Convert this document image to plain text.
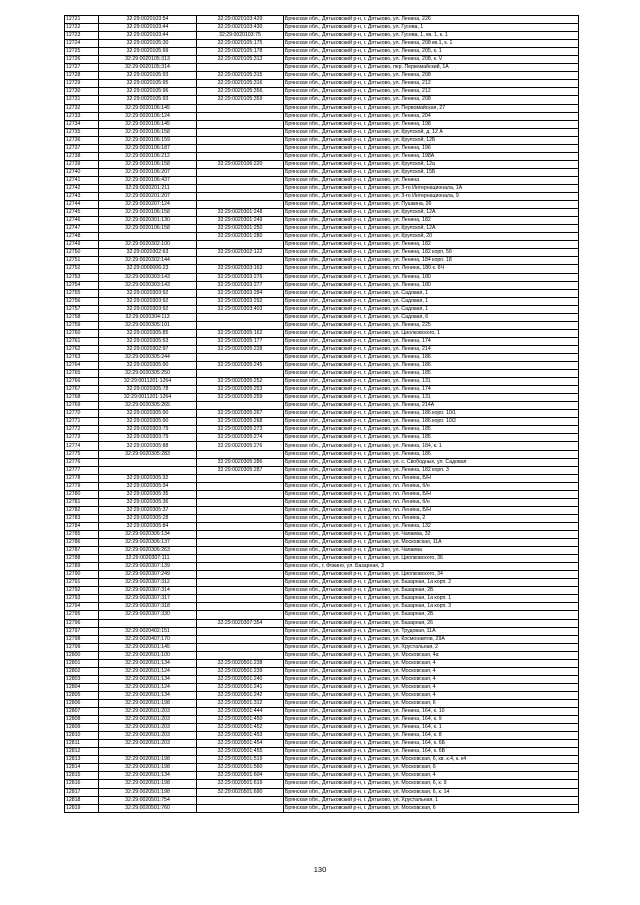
12721	32:29:0020103:54	32:29:0020103:429	Брянская обл., Дятьковский р-н, г. Дятьково, ул. Ленина, 226
12722	32:29:0020103:44	32:29:0020103:430	Брянская обл., Дятьковский р-н, г. Дятьково, ул. Гусева, 1
12723	32:29:0020103:44	32:29:0020103:75	Брянская обл., Дятьковский р-н, г. Дятьково, ул. Гусева, 1, кв. 1, к. 1
12724	32:29:0020105:30	32:29:0020105:175	Брянская обл., Дятьковский р-н, г. Дятьково, ул. Ленина, 208 кв.1, к. 1
12725	32:29:0020105:99	32:29:0020105:178	Брянская обл., Дятьковский р-н, г. Дятьково, ул. Ленина, 205, к. 1
12726	32:29:0020105:313	32:29:0020105:313	Брянская обл., Дятьковский р-н, г. Дятьково, ул. Ленина, 208, к. V
12727	32:29:0020105:314		Брянская обл., Дятьковский р-н, г. Дятьково, пер. Первомайский, 1А
12728	32:29:0020105:93	32:29:0020105:315	Брянская обл., Дятьковский р-н, г. Дятьково, ул. Ленина, 208
12729	32:29:0020105:95	32:29:0020105:316	Брянская обл., Дятьковский р-н, г. Дятьково, ул. Ленина, 212
12730	32:29:0020105:96	32:29:0020105:356	Брянская обл., Дятьковский р-н, г. Дятьково, ул. Ленина, 212
12731	32:29:0020105:93	32:29:0020105:359	Брянская обл., Дятьковский р-н, г. Дятьково, ул. Ленина, 208
12732	32:29:0020106:145		Брянская обл., Дятьковский р-н, г. Дятьково, ул. Первомайская, 27
12733	32:29:0020106:124		Брянская обл., Дятьковский р-н, г. Дятьково, ул. Ленина, 204
12734	32:29:0020106:145		Брянская обл., Дятьковский р-н, г. Дятьково, ул. Ленина, 198
12735	32:29:0020106:158		Брянская обл., Дятьковский р-н, г. Дятьково, ул. Крупской, д. 12 А
12736	32:29:0020106:159		Брянская обл., Дятьковский р-н, г. Дятьково, ул. Крупской, 12Б
12737	32:29:0020106:187		Брянская обл., Дятьковский р-н, г. Дятьково, ул. Ленина, 196
12738	32:29:0020106:212		Брянская обл., Дятьковский р-н, г. Дятьково, ул. Ленина, 198А
12739	32:29:0020106:158	32:29:0020106:220	Брянская обл., Дятьковский р-н, г. Дятьково, ул. Крупской, 12а
12740	32:29:0020106:207		Брянская обл., Дятьковский р-н, г. Дятьково, ул. Крупской, 15Б
12741	32:29:0020106:437		Брянская обл., Дятьковский р-н, г. Дятьково, ул. Ленина
12742	32:29:0020201:211		Брянская обл., Дятьковский р-н, г. Дятьково, ул. 3-го Интернационала, 1А
12743	32:29:0020201:207		Брянская обл., Дятьковский р-н, г. Дятьково, ул. 3-го Интернационала, 9
12744	32:29:0020207:124		Брянская обл., Дятьковский р-н, г. Дятьково, ул. Пушкина, 26
12745	32:29:0020106:158	32:29:0020301:248	Брянская обл., Дятьковский р-н, г. Дятьково, ул. Крупской, 12А
12746	32:29:0020301:130	32:29:0020301:249	Брянская обл., Дятьковский р-н, г. Дятьково, ул. Ленина, 182
12747	32:29:0020106:158	32:29:0020301:250	Брянская обл., Дятьковский р-н, г. Дятьково, ул. Крупской, 12А
12748		32:29:0020301:280	Брянская обл., Дятьковский р-н, г. Дятьково, ул. Крупской, 20
12749	32:29:0020302:100		Брянская обл., Дятьковский р-н, г. Дятьково, ул. Ленина, 182
12750	32:29:0020302:63	32:29:0020302:122	Брянская обл., Дятьковский р-н, г. Дятьково, ул. Ленина, 182 корп. 5б
12751	32:29:0020302:144		Брянская обл., Дятьковский р-н, г. Дятьково, ул. Ленина, 184 корп. 18
12752	32:29:0000006:23	32:29:0020303:163	Брянская обл., Дятьковский р-н, г. Дятьково, пл. Ленина, 180 к. 6Ч
12753	32:29:0020303:143	32:29:0020303:276	Брянская обл., Дятьковский р-н, г. Дятьково, ул. Ленина, 180
12754	32:29:0020303:143	32:29:0020303:277	Брянская обл., Дятьковский р-н, г. Дятьково, ул. Ленина, 180
12755	32:29:0020303:92	32:29:0020303:284	Брянская обл., Дятьковский р-н, г. Дятьково, ул. Садовая, 1
12756	32:29:0020303:92	32:29:0020303:292	Брянская обл., Дятьковский р-н, г. Дятьково, ул. Садовая, 1
12757	32:29:0020303:92	32:29:0020303:403	Брянская обл., Дятьковский р-н, г. Дятьково, ул. Садовая, 1
12758	32:29:0020304:113		Брянская обл., Дятьковский р-н, г. Дятьково, ул. Садовая, 6
12759	32:29:0020305:101		Брянская обл., Дятьковский р-н, г. Дятьково, ул. Ленина, 225
12760	32:29:0020305:85	32:29:0020305:162	Брянская обл., Дятьковский р-н, г. Дятьково, ул. Циолковского, 1
12761	32:29:0020305:53	32:29:0020305:177	Брянская обл., Дятьковский р-н, г. Дятьково, ул. Ленина, 174
12762	32:29:0020302:97	32:29:0020305:228	Брянская обл., Дятьковский р-н, г. Дятьково, ул. Ленина, 214
12763	32:29:0020305:244		Брянская обл., Дятьковский р-н, г. Дятьково, ул. Ленина, 186
12764	32:29:0020305:90	32:29:0020305:245	Брянская обл., Дятьковский р-н, г. Дятьково, ул. Ленина, 186
12765	32:29:0020305:250		Брянская обл., Дятьковский р-н, г. Дятьково, ул. Ленина, 185
12766	32:29:0011201:1264	32:29:0020305:252	Брянская обл., Дятьковский р-н, г. Дятьково, ул. Ленина, 131
12767	32:29:0020305:78	32:29:0020305:253	Брянская обл., Дятьковский р-н, г. Дятьково, ул. Ленина, 174
12768	32:29:0011201:1264	32:29:0020305:259	Брянская обл., Дятьковский р-н, г. Дятьково, ул. Ленина, 131
12769	32:29:0020305:265		Брянская обл., Дятьковский р-н, г. Дятьково, ул. Ленина, 214А
12770	32:29:0020305:90	32:29:0020305:267	Брянская обл., Дятьковский р-н, г. Дятьково, ул. Ленина, 186 корп. 10/1
12771	32:29:0020305:90	32:29:0020305:268	Брянская обл., Дятьковский р-н, г. Дятьково, ул. Ленина, 186 корп. 10/2
12772	32:29:0020303:79	32:29:0020305:273	Брянская обл., Дятьковский р-н, г. Дятьково, ул. Ленина, 185
12773	32:29:0020303:79	32:29:0020305:274	Брянская обл., Дятьковский р-н, г. Дятьково, ул. Ленина, 185
12774	32:29:0020305:88	32:29:0020305:276	Брянская обл., Дятьковский р-н, г. Дятьково, ул. Ленина, 184, к. 1
12775	32:29:0020305:283		Брянская обл., Дятьковский р-н, г. Дятьково, ул. Ленина, 186
12776		32:29:0020305:286	Брянская обл., Дятьковский р-н, г. Дятьково, ул. с. Свободных, ул. Садовая
12777		32:29:0020305:287	Брянская обл., Дятьковский р-н, г. Дятьково, ул. Ленина, 182 корп. 3
12778	32:29:0020305:32		Брянская обл., Дятьковский р-н, г. Дятьково, пл. Ленина, Б/Н
12779	32:29:0020305:34		Брянская обл., Дятьковский р-н, г. Дятьково, пл. Ленина, б/н
12780	32:29:0020305:35		Брянская обл., Дятьковский р-н, г. Дятьково, пл. Ленина, Б/Н
12781	32:29:0020305:36		Брянская обл., Дятьковский р-н, г. Дятьково, пл. Ленина, б/н
12782	32:29:0020305:37		Брянская обл., Дятьковский р-н, г. Дятьково, пл. Ленина, Б/Н
12783	32:29:0020305:28		Брянская обл., Дятьковский р-н, г. Дятьково, пл. Ленина, 2
12784	32:29:0020305:84		Брянская обл., Дятьковский р-н, г. Дятьково, ул. Ленина, 132
12785	32:29:0020306:134		Брянская обл., Дятьковский р-н, г. Дятьково, ул. Чапаева, 32
12786	32:29:0020306:137		Брянская обл., Дятьковский р-н, г. Дятьково, ул. Московская, 11А
12787	32:29:0020306:263		Брянская обл., Дятьковский р-н, г. Дятьково, ул. Чапаева
12788	32:29:0020307:111		Брянская обл., Дятьковский р-н, г. Дятьково, ул. Циолковского, 36
12789	32:29:0020307:139		Брянская обл., г. Фокино, ул. Базарная, 3
12790	32:29:0020307:249		Брянская обл., Дятьковский р-н, г. Дятьково, ул. Циолковского, 34
12791	32:29:0020307:312		Брянская обл., Дятьковский р-н, г. Дятьково, ул. Базарная, 1а корп. 2
12792	32:29:0020307:314		Брянская обл., Дятьковский р-н, г. Дятьково, ул. Базарная, 2Б
12793	32:29:0020307:317		Брянская обл., Дятьковский р-н, г. Дятьково, ул. Базарная, 1а корп. 1
12794	32:29:0020307:318		Брянская обл., Дятьковский р-н, г. Дятьково, ул. Базарная, 1а корп. 3
12795	32:29:0020307:330		Брянская обл., Дятьковский р-н, г. Дятьково, ул. Базарная, 2Б
12796		32:29:0020307:354	Брянская обл., Дятьковский р-н, г. Дятьково, ул. Базарная, 26
12797	32:29:0020402:151		Брянская обл., Дятьковский р-н, г. Дятьково, ул. Трудовая, 11А
12798	32:29:0020407:170		Брянская обл., Дятьковский р-н, г. Дятьково, ул. Космонавтов, 29А
12799	32:29:0020501:145		Брянская обл., Дятьковский р-н, г. Дятьково, ул. Хрустальная, 2
12800	32:29:0020501:100		Брянская обл., Дятьковский р-н, г. Дятьково, ул. Московская, 4а
12801	32:29:0020501:134	32:29:0020501:238	Брянская обл., Дятьковский р-н, г. Дятьково, ул. Московская, 4
12802	32:29:0020501:124	32:29:0020501:239	Брянская обл., Дятьковский р-н, г. Дятьково, ул. Московская, 4
12803	32:29:0020501:134	32:29:0020501:240	Брянская обл., Дятьковский р-н, г. Дятьково, ул. Московская, 4
12804	32:29:0020501:124	32:29:0020501:241	Брянская обл., Дятьковский р-н, г. Дятьково, ул. Московская, 4
12805	32:29:0020501:134	32:29:0020501:242	Брянская обл., Дятьковский р-н, г. Дятьково, ул. Московская, 4
12806	32:29:0020501:198	32:29:0020501:312	Брянская обл., Дятьковский р-н, г. Дятьково, ул. Московская, 6
12807	32:29:0020501:203	32:29:0020501:444	Брянская обл., Дятьковский р-н, г. Дятьково, ул. Ленина, 164, к. 10
12808	32:29:0020501:203	32:29:0020501:450	Брянская обл., Дятьковский р-н, г. Дятьково, ул. Ленина, 164, к. 9
12809	32:29:0020501:203	32:29:0020501:452	Брянская обл., Дятьковский р-н, г. Дятьково, ул. Ленина, 164, к. 1
12810	32:29:0020501:203	32:29:0020501:453	Брянская обл., Дятьковский р-н, г. Дятьково, ул. Ленина, 164, к. 8
12811	32:29:0020501:203	32:29:0020501:454	Брянская обл., Дятьковский р-н, г. Дятьково, ул. Ленина, 164, к. 6Б
12812		32:29:0020501:455	Брянская обл., Дятьковский р-н, г. Дятьково, ул. Ленина, 164, к. 6В
12813	32:29:0020501:198	32:29:0020501:519	Брянская обл., Дятьковский р-н, г. Дятьково, ул. Московская, 6, кв. к.4, к. к4
12814	32:29:0020501:198	32:29:0020501:560	Брянская обл., Дятьковский р-н, г. Дятьково, ул. Московская, 6
12815	32:29:0020501:134	32:29:0020501:604	Брянская обл., Дятьковский р-н, г. Дятьково, ул. Московская, 4
12816	32:29:0020501:198	32:29:0020501:619	Брянская обл., Дятьковский р-н, г. Дятьково, ул. Московская, 6, к. 9
12817	32:29:0020501:198	32:29:0020501:690	Брянская обл., Дятьковский р-н, г. Дятьково, ул. Московская, 6, к. 14
12818	32:29:0020501:754		Брянская обл., Дятьковский р-н, г. Дятьково, ул. Хрустальная, 1
12819	32:29:0020501:760		Брянская обл., Дятьковский р-н, г. Дятьково, ул. Московская, 6
130
